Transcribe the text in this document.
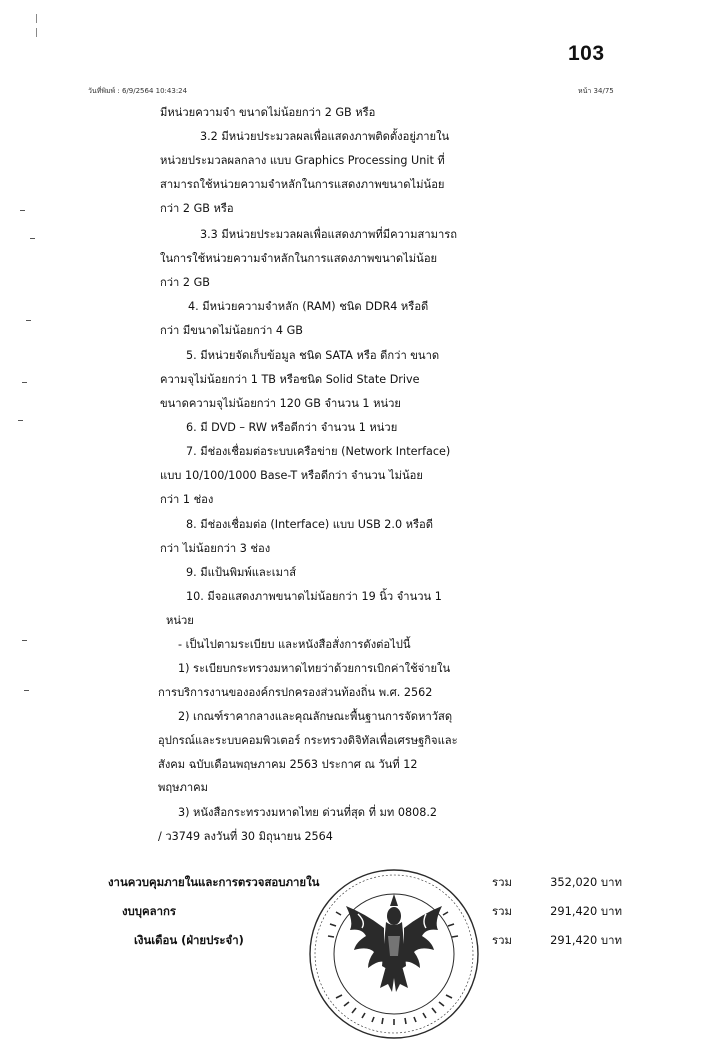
103
วันที่พิมพ์ : 6/9/2564 10:43:24	หน้า 34/75
มีหน่วยความจำ ขนาดไม่น้อยกว่า 2 GB หรือ
3.2 มีหน่วยประมวลผลเพื่อแสดงภาพติดตั้งอยู่ภายใน
หน่วยประมวลผลกลาง แบบ Graphics Processing Unit ที่
สามารถใช้หน่วยความจำหลักในการแสดงภาพขนาดไม่น้อย
กว่า 2 GB หรือ
3.3 มีหน่วยประมวลผลเพื่อแสดงภาพที่มีความสามารถ
ในการใช้หน่วยความจำหลักในการแสดงภาพขนาดไม่น้อย
กว่า 2 GB
4. มีหน่วยความจำหลัก (RAM) ชนิด DDR4 หรือดี
กว่า มีขนาดไม่น้อยกว่า 4 GB
5. มีหน่วยจัดเก็บข้อมูล ชนิด SATA หรือ ดีกว่า ขนาด
ความจุไม่น้อยกว่า 1 TB หรือชนิด Solid State Drive
ขนาดความจุไม่น้อยกว่า 120 GB จำนวน 1 หน่วย
6. มี DVD – RW หรือดีกว่า จำนวน 1 หน่วย
7. มีช่องเชื่อมต่อระบบเครือข่าย (Network Interface)
แบบ 10/100/1000 Base-T หรือดีกว่า จำนวน ไม่น้อย
กว่า 1 ช่อง
8. มีช่องเชื่อมต่อ (Interface) แบบ USB 2.0 หรือดี
กว่า ไม่น้อยกว่า 3 ช่อง
9. มีแป้นพิมพ์และเมาส์
10. มีจอแสดงภาพขนาดไม่น้อยกว่า 19 นิ้ว จำนวน 1
หน่วย
- เป็นไปตามระเบียบ และหนังสือสั่งการดังต่อไปนี้
1) ระเบียบกระทรวงมหาดไทยว่าด้วยการเบิกค่าใช้จ่ายใน
การบริการงานขององค์กรปกครองส่วนท้องถิ่น พ.ศ. 2562
2) เกณฑ์ราคากลางและคุณลักษณะพื้นฐานการจัดหาวัสดุ
อุปกรณ์และระบบคอมพิวเตอร์ กระทรวงดิจิทัลเพื่อเศรษฐกิจและ
สังคม ฉบับเดือนพฤษภาคม 2563 ประกาศ ณ วันที่ 12
พฤษภาคม
3) หนังสือกระทรวงมหาดไทย ด่วนที่สุด ที่ มท 0808.2
/ ว3749 ลงวันที่ 30 มิถุนายน 2564
งานควบคุมภายในและการตรวจสอบภายใน	รวม	352,020 บาท
งบบุคลากร	รวม	291,420 บาท
เงินเดือน (ฝ่ายประจำ)	รวม	291,420 บาท
